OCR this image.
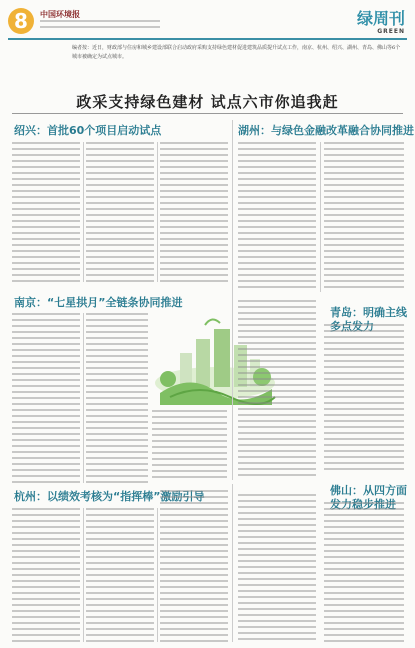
8	中国环境报	绿周刊
GREEN
编者按：近日，财政部与住房和城乡建设部联合启动政府采购支持绿色建材促进建筑品质提升试点工作，南京、杭州、绍兴、湖州、青岛、佛山等6个城市被确定为试点城市。
政采支持绿色建材 试点六市你追我赶
绍兴：首批60个项目启动试点	湖州：与绿色金融改革融合协同推进
南京：“七星拱月”全链条协同推进
青岛：明确主线 多点发力
杭州：以绩效考核为“指挥棒”激励引导	佛山：从四方面发力稳步推进
